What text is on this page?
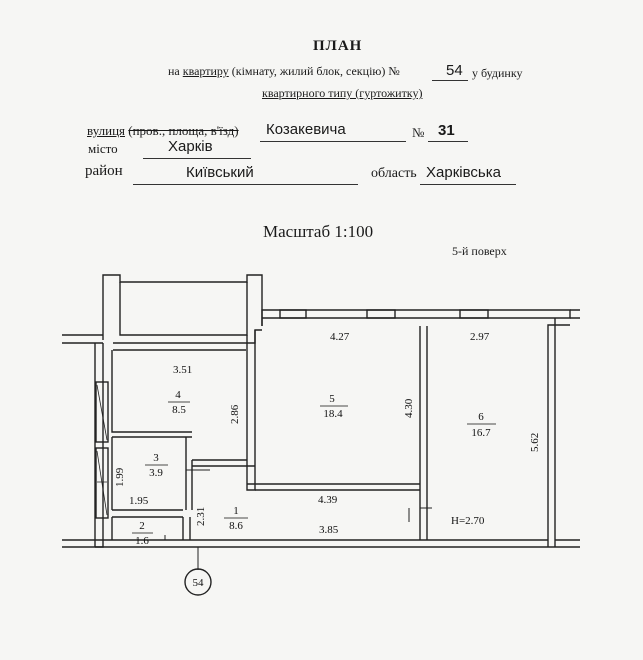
ПЛАН
на квартиру (кімнату, жилий блок, секцію) №	54 у будинку
квартирного типу (гуртожитку)
вулиця (пров., площа, в'їзд) Козакевича	№ 31
місто	Харків
район	Київський	область Харківська
Масштаб 1:100
5-й поверх
4
8.5
5
18.4	6
16.7
3
3.9
1
8.6
2
1.6
3.51
2.86
4.27
4.30
2.97
5.62
1.99
1.95
2.31
4.39
3.85
H=2.70
54
